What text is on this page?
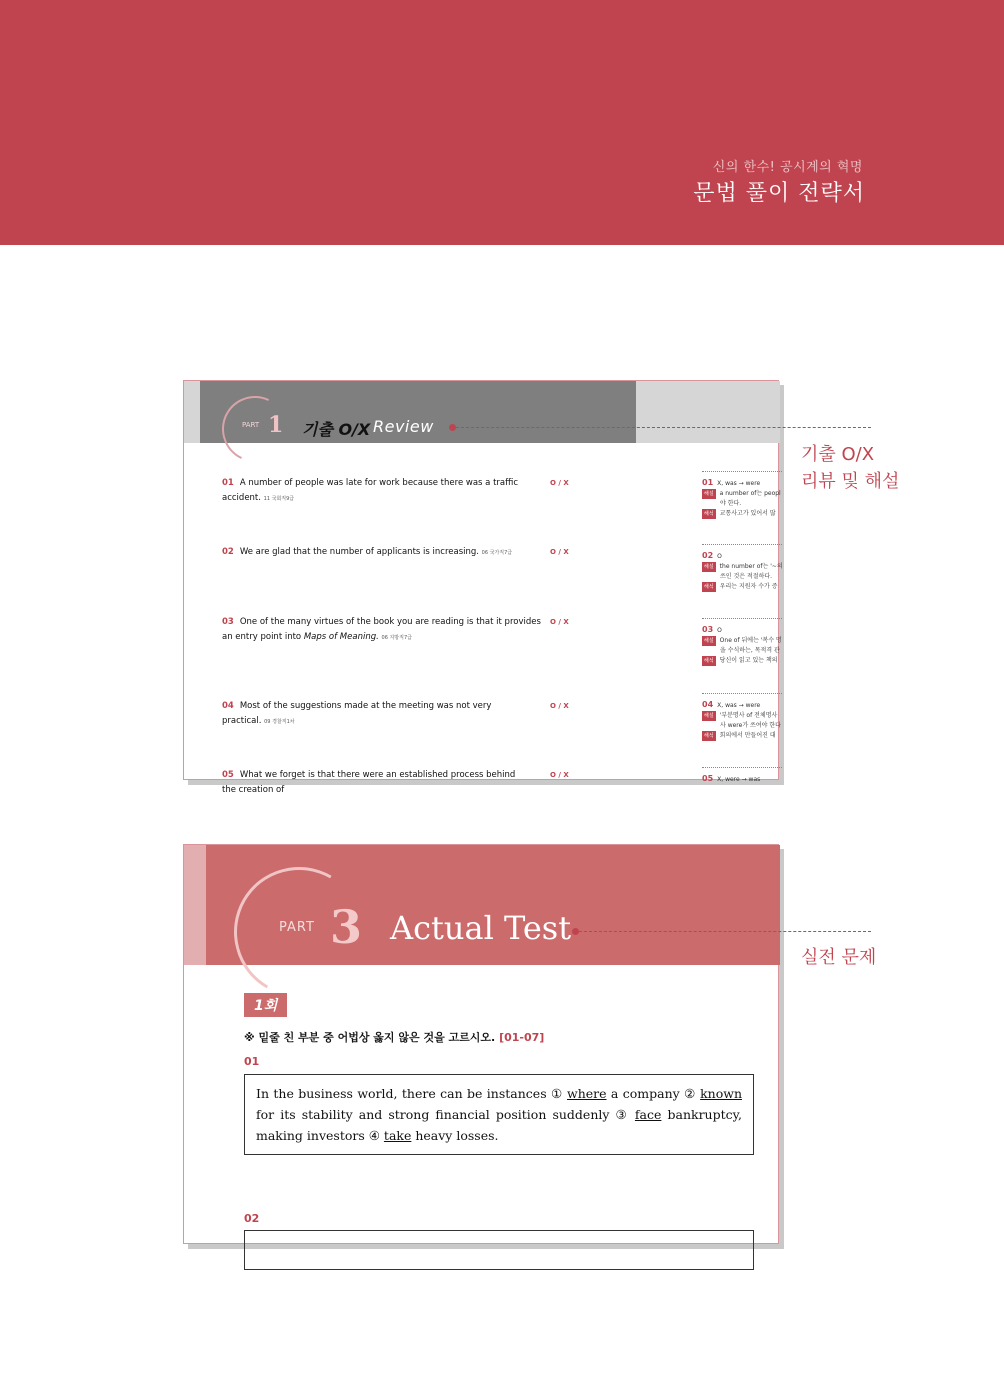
신의 한수! 공시계의 혁명
문법 풀이 전략서
PART 1 기출 O/X Review
01 A number of people was late for work because there was a traffic accident. 11 국회직9급
O / X
02 We are glad that the number of applicants is increasing. 06 국가직7급	O / X
03 One of the many virtues of the book you are reading is that it provides an entry point into Maps of Meaning. 06 지방직7급
O / X
04 Most of the suggestions made at the meeting was not very practical. 09 경찰직1차
O / X
05 What we forget is that there were an established process behind the creation of
O / X
01 X, was → were
해설 a number of는 peopl
야 한다.
해석 교통사고가 있어서 많
02 O
해설 the number of는 '~의
쓰인 것은 적절하다.
해석 우리는 지원자 수가 증
03 O
해설 One of 뒤에는 '복수 명
을 수식하는, 목적격 관
해석 당신이 읽고 있는 책의
04 X, was → were
해설 '부분명사 of 전체명사
사 were가 쓰여야 한다
해석 회의에서 만들어진 대
05 X, were → was
기출 O/X
리뷰 및 해설
PART 3 Actual Test
1회
※ 밑줄 친 부분 중 어법상 옳지 않은 것을 고르시오. [01-07]
01
In the business world, there can be instances ① where a company ② known for its stability and strong financial position suddenly ③ face bankruptcy, making investors ④ take heavy losses.
02
실전 문제
